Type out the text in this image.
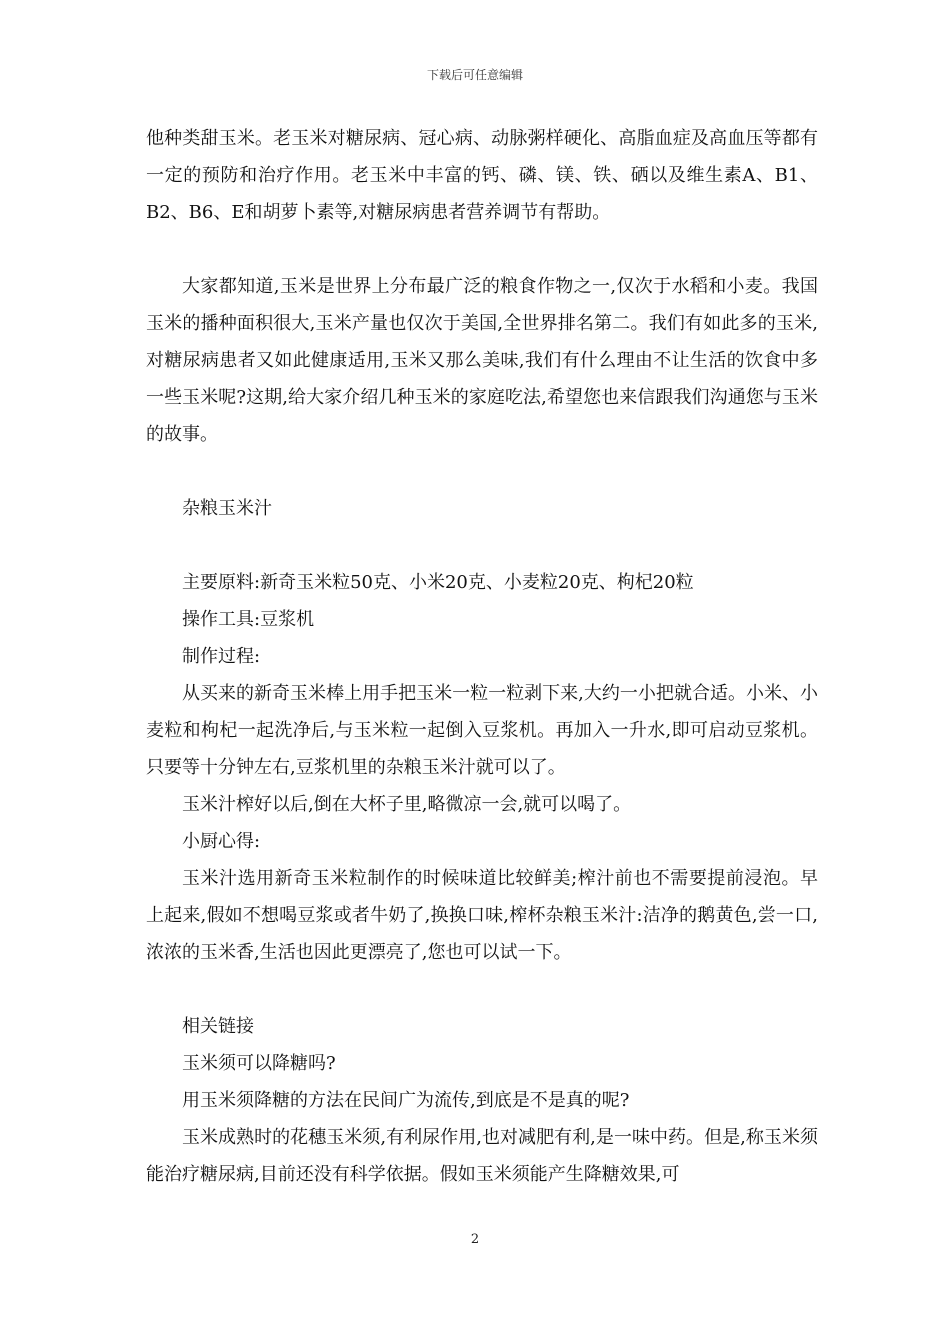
下载后可任意编辑

他种类甜玉米。老玉米对糖尿病、冠心病、动脉粥样硬化、高脂血症及高血压等都有一定的预防和治疗作用。老玉米中丰富的钙、磷、镁、铁、硒以及维生素A、B1、B2、B6、E和胡萝卜素等,对糖尿病患者营养调节有帮助。

大家都知道,玉米是世界上分布最广泛的粮食作物之一,仅次于水稻和小麦。我国玉米的播种面积很大,玉米产量也仅次于美国,全世界排名第二。我们有如此多的玉米,对糖尿病患者又如此健康适用,玉米又那么美味,我们有什么理由不让生活的饮食中多一些玉米呢?这期,给大家介绍几种玉米的家庭吃法,希望您也来信跟我们沟通您与玉米的故事。

杂粮玉米汁

主要原料:新奇玉米粒50克、小米20克、小麦粒20克、枸杞20粒

操作工具:豆浆机

制作过程:

从买来的新奇玉米棒上用手把玉米一粒一粒剥下来,大约一小把就合适。小米、小麦粒和枸杞一起洗净后,与玉米粒一起倒入豆浆机。再加入一升水,即可启动豆浆机。只要等十分钟左右,豆浆机里的杂粮玉米汁就可以了。

玉米汁榨好以后,倒在大杯子里,略微凉一会,就可以喝了。

小厨心得:

玉米汁选用新奇玉米粒制作的时候味道比较鲜美;榨汁前也不需要提前浸泡。早上起来,假如不想喝豆浆或者牛奶了,换换口味,榨杯杂粮玉米汁:洁净的鹅黄色,尝一口,浓浓的玉米香,生活也因此更漂亮了,您也可以试一下。

相关链接

玉米须可以降糖吗?

用玉米须降糖的方法在民间广为流传,到底是不是真的呢?

玉米成熟时的花穗玉米须,有利尿作用,也对减肥有利,是一味中药。但是,称玉米须能治疗糖尿病,目前还没有科学依据。假如玉米须能产生降糖效果,可

2
